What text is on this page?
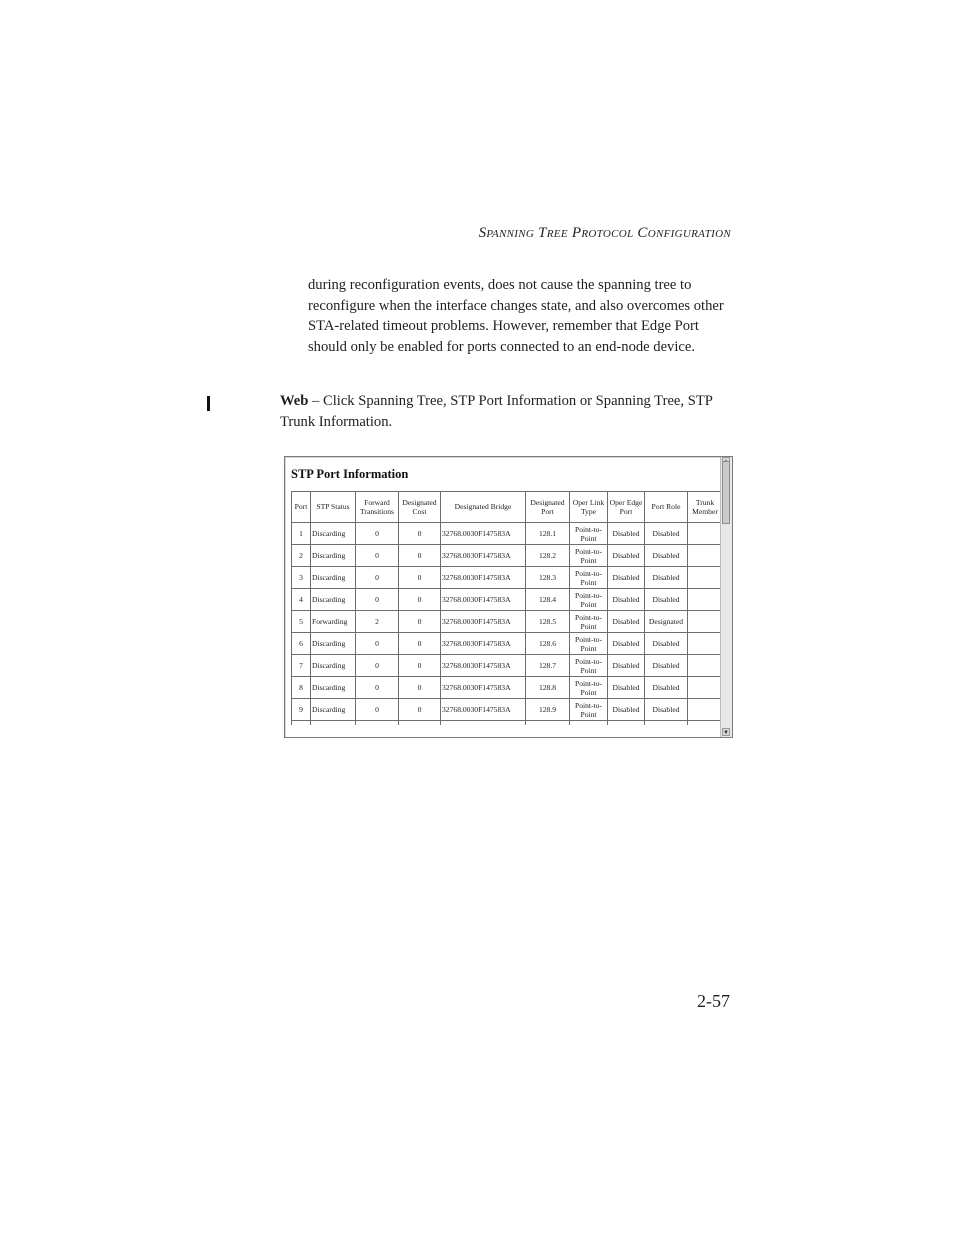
Spanning Tree Protocol Configuration
during reconfiguration events, does not cause the spanning tree to reconfigure when the interface changes state, and also overcomes other STA-related timeout problems. However, remember that Edge Port should only be enabled for ports connected to an end-node device.
Web – Click Spanning Tree, STP Port Information or Spanning Tree, STP Trunk Information.
STP Port Information
Port	STP Status	Forward Transitions	Designated Cost	Designated Bridge	Designated Port	Oper Link Type	Oper Edge Port	Port Role	Trunk Member
1	Discarding	0	0	32768.0030F147583A	128.1	Point-to-Point	Disabled	Disabled	
2	Discarding	0	0	32768.0030F147583A	128.2	Point-to-Point	Disabled	Disabled	
3	Discarding	0	0	32768.0030F147583A	128.3	Point-to-Point	Disabled	Disabled	
4	Discarding	0	0	32768.0030F147583A	128.4	Point-to-Point	Disabled	Disabled	
5	Forwarding	2	0	32768.0030F147583A	128.5	Point-to-Point	Disabled	Designated	
6	Discarding	0	0	32768.0030F147583A	128.6	Point-to-Point	Disabled	Disabled	
7	Discarding	0	0	32768.0030F147583A	128.7	Point-to-Point	Disabled	Disabled	
8	Discarding	0	0	32768.0030F147583A	128.8	Point-to-Point	Disabled	Disabled	
9	Discarding	0	0	32768.0030F147583A	128.9	Point-to-Point	Disabled	Disabled	

▼
2-57
